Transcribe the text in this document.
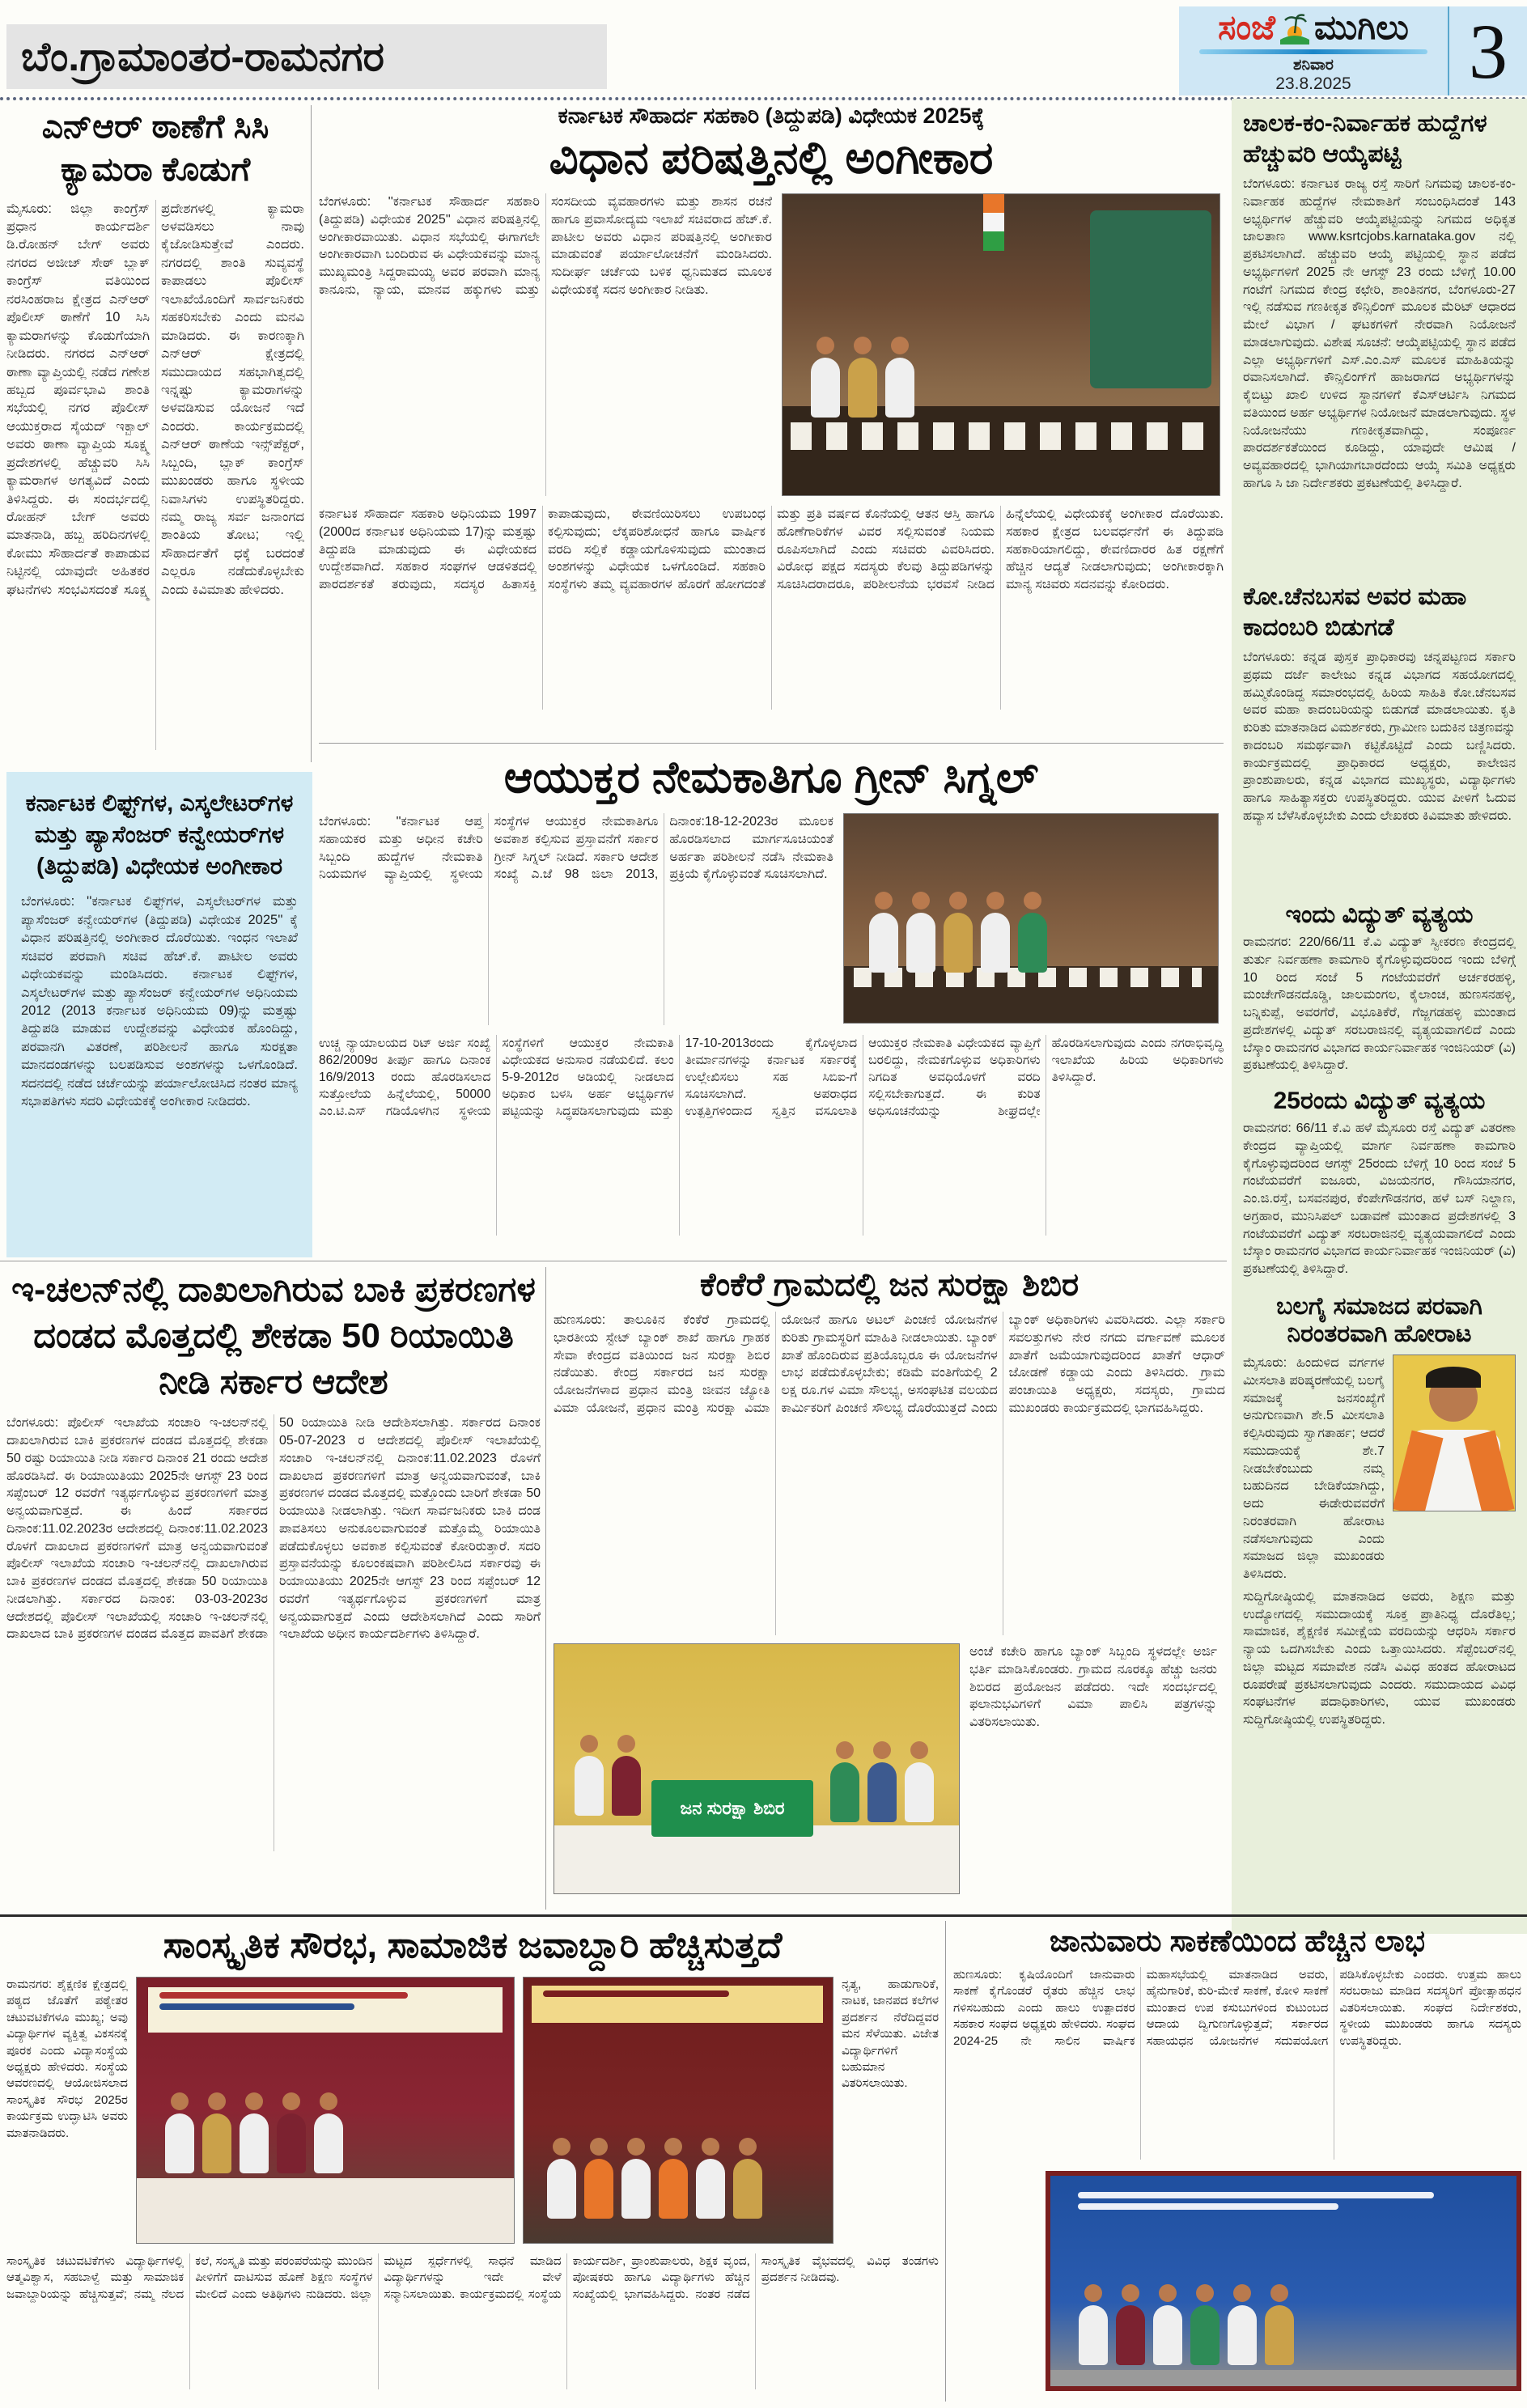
ಬೆಂ.ಗ್ರಾಮಾಂತರ-ರಾಮನಗರ
ಸಂಜೆ ಮುಗಿಲು
ಶನಿವಾರ
23.8.2025 3
ಎನ್ಆರ್ ಠಾಣೆಗೆ ಸಿಸಿ ಕ್ಯಾಮರಾ ಕೊಡುಗೆ
ಮೈಸೂರು: ಜಿಲ್ಲಾ ಕಾಂಗ್ರೆಸ್ ಪ್ರಧಾನ ಕಾರ್ಯದರ್ಶಿ ಡಿ.ರೋಹನ್ ಬೇಗ್ ಅವರು ನಗರದ ಅಜೀಜ್ ಸೇಠ್ ಬ್ಲಾಕ್ ಕಾಂಗ್ರೆಸ್ ವತಿಯಿಂದ ನರಸಿಂಹರಾಜ ಕ್ಷೇತ್ರದ ಎನ್ಆರ್ ಪೊಲೀಸ್ ಠಾಣೆಗೆ 10 ಸಿಸಿ ಕ್ಯಾಮರಾಗಳನ್ನು ಕೊಡುಗೆಯಾಗಿ ನೀಡಿದರು. ನಗರದ ಎನ್ಆರ್ ಠಾಣಾ ವ್ಯಾಪ್ತಿಯಲ್ಲಿ ನಡೆದ ಗಣೇಶ ಹಬ್ಬದ ಪೂರ್ವಭಾವಿ ಶಾಂತಿ ಸಭೆಯಲ್ಲಿ ನಗರ ಪೊಲೀಸ್ ಆಯುಕ್ತರಾದ ಸೈಯದ್ ಇಕ್ಬಾಲ್ ಅವರು ಠಾಣಾ ವ್ಯಾಪ್ತಿಯ ಸೂಕ್ಷ್ಮ ಪ್ರದೇಶಗಳಲ್ಲಿ ಹೆಚ್ಚುವರಿ ಸಿಸಿ ಕ್ಯಾಮರಾಗಳ ಅಗತ್ಯವಿದೆ ಎಂದು ತಿಳಿಸಿದ್ದರು. ಈ ಸಂದರ್ಭದಲ್ಲಿ ರೋಹನ್ ಬೇಗ್ ಅವರು ಮಾತನಾಡಿ, ಹಬ್ಬ ಹರಿದಿನಗಳಲ್ಲಿ ಕೋಮು ಸೌಹಾರ್ದತೆ ಕಾಪಾಡುವ ನಿಟ್ಟಿನಲ್ಲಿ ಯಾವುದೇ ಅಹಿತಕರ ಘಟನೆಗಳು ಸಂಭವಿಸದಂತೆ ಸೂಕ್ಷ್ಮ ಪ್ರದೇಶಗಳಲ್ಲಿ ಕ್ಯಾಮರಾ ಅಳವಡಿಸಲು ನಾವು ಕೈಜೋಡಿಸುತ್ತೇವೆ ಎಂದರು. ನಗರದಲ್ಲಿ ಶಾಂತಿ ಸುವ್ಯವಸ್ಥೆ ಕಾಪಾಡಲು ಪೊಲೀಸ್ ಇಲಾಖೆಯೊಂದಿಗೆ ಸಾರ್ವಜನಿಕರು ಸಹಕರಿಸಬೇಕು ಎಂದು ಮನವಿ ಮಾಡಿದರು. ಈ ಕಾರಣಕ್ಕಾಗಿ ಎನ್ಆರ್ ಕ್ಷೇತ್ರದಲ್ಲಿ ಸಮುದಾಯದ ಸಹಭಾಗಿತ್ವದಲ್ಲಿ ಇನ್ನಷ್ಟು ಕ್ಯಾಮರಾಗಳನ್ನು ಅಳವಡಿಸುವ ಯೋಜನೆ ಇದೆ ಎಂದರು. ಕಾರ್ಯಕ್ರಮದಲ್ಲಿ ಎನ್ಆರ್ ಠಾಣೆಯ ಇನ್ಸ್‌ಪೆಕ್ಟರ್, ಸಿಬ್ಬಂದಿ, ಬ್ಲಾಕ್ ಕಾಂಗ್ರೆಸ್ ಮುಖಂಡರು ಹಾಗೂ ಸ್ಥಳೀಯ ನಿವಾಸಿಗಳು ಉಪಸ್ಥಿತರಿದ್ದರು. ನಮ್ಮ ರಾಜ್ಯ ಸರ್ವ ಜನಾಂಗದ ಶಾಂತಿಯ ತೋಟ; ಇಲ್ಲಿ ಸೌಹಾರ್ದತೆಗೆ ಧಕ್ಕೆ ಬರದಂತೆ ಎಲ್ಲರೂ ನಡೆದುಕೊಳ್ಳಬೇಕು ಎಂದು ಕಿವಿಮಾತು ಹೇಳಿದರು.
ಕರ್ನಾಟಕ ಸೌಹಾರ್ದ ಸಹಕಾರಿ (ತಿದ್ದುಪಡಿ) ವಿಧೇಯಕ 2025ಕ್ಕೆ
ವಿಧಾನ ಪರಿಷತ್ತಿನಲ್ಲಿ ಅಂಗೀಕಾರ
ಬೆಂಗಳೂರು: ''ಕರ್ನಾಟಕ ಸೌಹಾರ್ದ ಸಹಕಾರಿ (ತಿದ್ದುಪಡಿ) ವಿಧೇಯಕ 2025'' ವಿಧಾನ ಪರಿಷತ್ತಿನಲ್ಲಿ ಅಂಗೀಕಾರವಾಯಿತು. ವಿಧಾನ ಸಭೆಯಲ್ಲಿ ಈಗಾಗಲೇ ಅಂಗೀಕಾರವಾಗಿ ಬಂದಿರುವ ಈ ವಿಧೇಯಕವನ್ನು ಮಾನ್ಯ ಮುಖ್ಯಮಂತ್ರಿ ಸಿದ್ದರಾಮಯ್ಯ ಅವರ ಪರವಾಗಿ ಮಾನ್ಯ ಕಾನೂನು, ನ್ಯಾಯ, ಮಾನವ ಹಕ್ಕುಗಳು ಮತ್ತು ಸಂಸದೀಯ ವ್ಯವಹಾರಗಳು ಮತ್ತು ಶಾಸನ ರಚನೆ ಹಾಗೂ ಪ್ರವಾಸೋದ್ಯಮ ಇಲಾಖೆ ಸಚಿವರಾದ ಹೆಚ್.ಕೆ. ಪಾಟೀಲ ಅವರು ವಿಧಾನ ಪರಿಷತ್ತಿನಲ್ಲಿ ಅಂಗೀಕಾರ ಮಾಡುವಂತೆ ಪರ್ಯಾಲೋಚನೆಗೆ ಮಂಡಿಸಿದರು. ಸುದೀರ್ಘ ಚರ್ಚೆಯ ಬಳಿಕ ಧ್ವನಿಮತದ ಮೂಲಕ ವಿಧೇಯಕಕ್ಕೆ ಸದನ ಅಂಗೀಕಾರ ನೀಡಿತು.
ಕರ್ನಾಟಕ ಸೌಹಾರ್ದ ಸಹಕಾರಿ ಅಧಿನಿಯಮ 1997 (2000ದ ಕರ್ನಾಟಕ ಅಧಿನಿಯಮ 17)ನ್ನು ಮತ್ತಷ್ಟು ತಿದ್ದುಪಡಿ ಮಾಡುವುದು ಈ ವಿಧೇಯಕದ ಉದ್ದೇಶವಾಗಿದೆ. ಸಹಕಾರ ಸಂಘಗಳ ಆಡಳಿತದಲ್ಲಿ ಪಾರದರ್ಶಕತೆ ತರುವುದು, ಸದಸ್ಯರ ಹಿತಾಸಕ್ತಿ ಕಾಪಾಡುವುದು, ಠೇವಣಿಯಿರಿಸಲು ಉಪಬಂಧ ಕಲ್ಪಿಸುವುದು; ಲೆಕ್ಕಪರಿಶೋಧನೆ ಹಾಗೂ ವಾರ್ಷಿಕ ವರದಿ ಸಲ್ಲಿಕೆ ಕಡ್ಡಾಯಗೊಳಿಸುವುದು ಮುಂತಾದ ಅಂಶಗಳನ್ನು ವಿಧೇಯಕ ಒಳಗೊಂಡಿದೆ. ಸಹಕಾರಿ ಸಂಸ್ಥೆಗಳು ತಮ್ಮ ವ್ಯವಹಾರಗಳ ಹೊರಗೆ ಹೋಗದಂತೆ ಮತ್ತು ಪ್ರತಿ ವರ್ಷದ ಕೊನೆಯಲ್ಲಿ ಆತನ ಆಸ್ತಿ ಹಾಗೂ ಹೊಣೆಗಾರಿಕೆಗಳ ವಿವರ ಸಲ್ಲಿಸುವಂತೆ ನಿಯಮ ರೂಪಿಸಲಾಗಿದೆ ಎಂದು ಸಚಿವರು ವಿವರಿಸಿದರು. ವಿರೋಧ ಪಕ್ಷದ ಸದಸ್ಯರು ಕೆಲವು ತಿದ್ದುಪಡಿಗಳನ್ನು ಸೂಚಿಸಿದರಾದರೂ, ಪರಿಶೀಲನೆಯ ಭರವಸೆ ನೀಡಿದ ಹಿನ್ನೆಲೆಯಲ್ಲಿ ವಿಧೇಯಕಕ್ಕೆ ಅಂಗೀಕಾರ ದೊರೆಯಿತು. ಸಹಕಾರ ಕ್ಷೇತ್ರದ ಬಲವರ್ಧನೆಗೆ ಈ ತಿದ್ದುಪಡಿ ಸಹಕಾರಿಯಾಗಲಿದ್ದು, ಠೇವಣಿದಾರರ ಹಿತ ರಕ್ಷಣೆಗೆ ಹೆಚ್ಚಿನ ಆದ್ಯತೆ ನೀಡಲಾಗುವುದು; ಅಂಗೀಕಾರಕ್ಕಾಗಿ ಮಾನ್ಯ ಸಚಿವರು ಸದನವನ್ನು ಕೋರಿದರು.
ಚಾಲಕ-ಕಂ-ನಿರ್ವಾಹಕ ಹುದ್ದೆಗಳ ಹೆಚ್ಚುವರಿ ಆಯ್ಕೆಪಟ್ಟಿ
ಬೆಂಗಳೂರು: ಕರ್ನಾಟಕ ರಾಜ್ಯ ರಸ್ತೆ ಸಾರಿಗೆ ನಿಗಮವು ಚಾಲಕ-ಕಂ-ನಿರ್ವಾಹಕ ಹುದ್ದೆಗಳ ನೇಮಕಾತಿಗೆ ಸಂಬಂಧಿಸಿದಂತೆ 143 ಅಭ್ಯರ್ಥಿಗಳ ಹೆಚ್ಚುವರಿ ಆಯ್ಕೆಪಟ್ಟಿಯನ್ನು ನಿಗಮದ ಅಧಿಕೃತ ಜಾಲತಾಣ www.ksrtcjobs.karnataka.gov ನಲ್ಲಿ ಪ್ರಕಟಿಸಲಾಗಿದೆ. ಹೆಚ್ಚುವರಿ ಆಯ್ಕೆ ಪಟ್ಟಿಯಲ್ಲಿ ಸ್ಥಾನ ಪಡೆದ ಅಭ್ಯರ್ಥಿಗಳಿಗೆ 2025 ನೇ ಆಗಸ್ಟ್ 23 ರಂದು ಬೆಳಿಗ್ಗೆ 10.00 ಗಂಟೆಗೆ ನಿಗಮದ ಕೇಂದ್ರ ಕಛೇರಿ, ಶಾಂತಿನಗರ, ಬೆಂಗಳೂರು-27 ಇಲ್ಲಿ ನಡೆಸುವ ಗಣಕೀಕೃತ ಕೌನ್ಸಿಲಿಂಗ್ ಮೂಲಕ ಮೆರಿಟ್ ಆಧಾರದ ಮೇಲೆ ವಿಭಾಗ / ಘಟಕಗಳಿಗೆ ನೇರವಾಗಿ ನಿಯೋಜನೆ ಮಾಡಲಾಗುವುದು. ವಿಶೇಷ ಸೂಚನೆ: ಆಯ್ಕೆಪಟ್ಟಿಯಲ್ಲಿ ಸ್ಥಾನ ಪಡೆದ ಎಲ್ಲಾ ಅಭ್ಯರ್ಥಿಗಳಿಗೆ ಎಸ್.ಎಂ.ಎಸ್ ಮೂಲಕ ಮಾಹಿತಿಯನ್ನು ರವಾನಿಸಲಾಗಿದೆ. ಕೌನ್ಸಿಲಿಂಗ್‌ಗೆ ಹಾಜರಾಗದ ಅಭ್ಯರ್ಥಿಗಳನ್ನು ಕೈಬಿಟ್ಟು ಖಾಲಿ ಉಳಿದ ಸ್ಥಾನಗಳಿಗೆ ಕೆಎಸ್ಆರ್ಟಿಸಿ ನಿಗಮದ ವತಿಯಿಂದ ಅರ್ಹ ಅಭ್ಯರ್ಥಿಗಳ ನಿಯೋಜನೆ ಮಾಡಲಾಗುವುದು. ಸ್ಥಳ ನಿಯೋಜನೆಯು ಗಣಕೀಕೃತವಾಗಿದ್ದು, ಸಂಪೂರ್ಣ ಪಾರದರ್ಶಕತೆಯಿಂದ ಕೂಡಿದ್ದು, ಯಾವುದೇ ಆಮಿಷ / ಅವ್ಯವಹಾರದಲ್ಲಿ ಭಾಗಿಯಾಗಬಾರದೆಂದು ಆಯ್ಕೆ ಸಮಿತಿ ಅಧ್ಯಕ್ಷರು ಹಾಗೂ ಸಿ ಜಾ ನಿರ್ದೇಶಕರು ಪ್ರಕಟಣೆಯಲ್ಲಿ ತಿಳಿಸಿದ್ದಾರೆ.
ಕೋ.ಚೆನಬಸವ ಅವರ ಮಹಾ ಕಾದಂಬರಿ ಬಿಡುಗಡೆ
ಬೆಂಗಳೂರು: ಕನ್ನಡ ಪುಸ್ತಕ ಪ್ರಾಧಿಕಾರವು ಚನ್ನಪಟ್ಟಣದ ಸರ್ಕಾರಿ ಪ್ರಥಮ ದರ್ಜೆ ಕಾಲೇಜು ಕನ್ನಡ ವಿಭಾಗದ ಸಹಯೋಗದಲ್ಲಿ ಹಮ್ಮಿಕೊಂಡಿದ್ದ ಸಮಾರಂಭದಲ್ಲಿ ಹಿರಿಯ ಸಾಹಿತಿ ಕೋ.ಚೆನಬಸವ ಅವರ ಮಹಾ ಕಾದಂಬರಿಯನ್ನು ಬಿಡುಗಡೆ ಮಾಡಲಾಯಿತು. ಕೃತಿ ಕುರಿತು ಮಾತನಾಡಿದ ವಿಮರ್ಶಕರು, ಗ್ರಾಮೀಣ ಬದುಕಿನ ಚಿತ್ರಣವನ್ನು ಕಾದಂಬರಿ ಸಮರ್ಥವಾಗಿ ಕಟ್ಟಿಕೊಟ್ಟಿದೆ ಎಂದು ಬಣ್ಣಿಸಿದರು. ಕಾರ್ಯಕ್ರಮದಲ್ಲಿ ಪ್ರಾಧಿಕಾರದ ಅಧ್ಯಕ್ಷರು, ಕಾಲೇಜಿನ ಪ್ರಾಂಶುಪಾಲರು, ಕನ್ನಡ ವಿಭಾಗದ ಮುಖ್ಯಸ್ಥರು, ವಿದ್ಯಾರ್ಥಿಗಳು ಹಾಗೂ ಸಾಹಿತ್ಯಾಸಕ್ತರು ಉಪಸ್ಥಿತರಿದ್ದರು. ಯುವ ಪೀಳಿಗೆ ಓದುವ ಹವ್ಯಾಸ ಬೆಳೆಸಿಕೊಳ್ಳಬೇಕು ಎಂದು ಲೇಖಕರು ಕಿವಿಮಾತು ಹೇಳಿದರು.
ಇಂದು ವಿದ್ಯುತ್ ವ್ಯತ್ಯಯ
ರಾಮನಗರ: 220/66/11 ಕೆ.ವಿ ವಿದ್ಯುತ್ ಸ್ವೀಕರಣ ಕೇಂದ್ರದಲ್ಲಿ ತುರ್ತು ನಿರ್ವಹಣಾ ಕಾಮಗಾರಿ ಕೈಗೊಳ್ಳುವುದರಿಂದ ಇಂದು ಬೆಳಿಗ್ಗೆ 10 ರಿಂದ ಸಂಜೆ 5 ಗಂಟೆಯವರೆಗೆ ಅರ್ಚಕರಹಳ್ಳಿ, ಮಂಚೇಗೌಡನದೊಡ್ಡಿ, ಜಾಲಮಂಗಲ, ಕೈಲಾಂಚ, ಹುಣಸನಹಳ್ಳಿ, ಬನ್ನಿಕುಪ್ಪೆ, ಅವರಗೆರೆ, ವಿಭೂತಿಕೆರೆ, ಗೆಜ್ಜಗಡಹಳ್ಳಿ ಮುಂತಾದ ಪ್ರದೇಶಗಳಲ್ಲಿ ವಿದ್ಯುತ್ ಸರಬರಾಜಿನಲ್ಲಿ ವ್ಯತ್ಯಯವಾಗಲಿದೆ ಎಂದು ಬೆಸ್ಕಾಂ ರಾಮನಗರ ವಿಭಾಗದ ಕಾರ್ಯನಿರ್ವಾಹಕ ಇಂಜಿನಿಯರ್ (ವಿ) ಪ್ರಕಟಣೆಯಲ್ಲಿ ತಿಳಿಸಿದ್ದಾರೆ.
25ರಂದು ವಿದ್ಯುತ್ ವ್ಯತ್ಯಯ
ರಾಮನಗರ: 66/11 ಕೆ.ವಿ ಹಳೆ ಮೈಸೂರು ರಸ್ತೆ ವಿದ್ಯುತ್ ವಿತರಣಾ ಕೇಂದ್ರದ ವ್ಯಾಪ್ತಿಯಲ್ಲಿ ಮಾರ್ಗ ನಿರ್ವಹಣಾ ಕಾಮಗಾರಿ ಕೈಗೊಳ್ಳುವುದರಿಂದ ಆಗಸ್ಟ್ 25ರಂದು ಬೆಳಿಗ್ಗೆ 10 ರಿಂದ ಸಂಜೆ 5 ಗಂಟೆಯವರೆಗೆ ಐಜೂರು, ವಿಜಯನಗರ, ಗೌಸಿಯಾನಗರ, ಎಂ.ಜಿ.ರಸ್ತೆ, ಬಸವನಪುರ, ಕೆಂಪೇಗೌಡನಗರ, ಹಳೆ ಬಸ್ ನಿಲ್ದಾಣ, ಅಗ್ರಹಾರ, ಮುನಿಸಿಪಲ್ ಬಡಾವಣೆ ಮುಂತಾದ ಪ್ರದೇಶಗಳಲ್ಲಿ 3 ಗಂಟೆಯವರೆಗೆ ವಿದ್ಯುತ್ ಸರಬರಾಜಿನಲ್ಲಿ ವ್ಯತ್ಯಯವಾಗಲಿದೆ ಎಂದು ಬೆಸ್ಕಾಂ ರಾಮನಗರ ವಿಭಾಗದ ಕಾರ್ಯನಿರ್ವಾಹಕ ಇಂಜಿನಿಯರ್ (ವಿ) ಪ್ರಕಟಣೆಯಲ್ಲಿ ತಿಳಿಸಿದ್ದಾರೆ.
ಬಲಗೈ ಸಮಾಜದ ಪರವಾಗಿ ನಿರಂತರವಾಗಿ ಹೋರಾಟ
ಮೈಸೂರು: ಹಿಂದುಳಿದ ವರ್ಗಗಳ ಮೀಸಲಾತಿ ಪರಿಷ್ಕರಣೆಯಲ್ಲಿ ಬಲಗೈ ಸಮಾಜಕ್ಕೆ ಜನಸಂಖ್ಯೆಗೆ ಅನುಗುಣವಾಗಿ ಶೇ.5 ಮೀಸಲಾತಿ ಕಲ್ಪಿಸಿರುವುದು ಸ್ವಾಗತಾರ್ಹ; ಆದರೆ ಸಮುದಾಯಕ್ಕೆ ಶೇ.7 ನೀಡಬೇಕೆಂಬುದು ನಮ್ಮ ಬಹುದಿನದ ಬೇಡಿಕೆಯಾಗಿದ್ದು, ಅದು ಈಡೇರುವವರೆಗೆ ನಿರಂತರವಾಗಿ ಹೋರಾಟ ನಡೆಸಲಾಗುವುದು ಎಂದು ಸಮಾಜದ ಜಿಲ್ಲಾ ಮುಖಂಡರು ತಿಳಿಸಿದರು.
ಸುದ್ದಿಗೋಷ್ಠಿಯಲ್ಲಿ ಮಾತನಾಡಿದ ಅವರು, ಶಿಕ್ಷಣ ಮತ್ತು ಉದ್ಯೋಗದಲ್ಲಿ ಸಮುದಾಯಕ್ಕೆ ಸೂಕ್ತ ಪ್ರಾತಿನಿಧ್ಯ ದೊರೆತಿಲ್ಲ; ಸಾಮಾಜಿಕ, ಶೈಕ್ಷಣಿಕ ಸಮೀಕ್ಷೆಯ ವರದಿಯನ್ನು ಆಧರಿಸಿ ಸರ್ಕಾರ ನ್ಯಾಯ ಒದಗಿಸಬೇಕು ಎಂದು ಒತ್ತಾಯಿಸಿದರು. ಸೆಪ್ಟೆಂಬರ್‌ನಲ್ಲಿ ಜಿಲ್ಲಾ ಮಟ್ಟದ ಸಮಾವೇಶ ನಡೆಸಿ ವಿವಿಧ ಹಂತದ ಹೋರಾಟದ ರೂಪರೇಷೆ ಪ್ರಕಟಿಸಲಾಗುವುದು ಎಂದರು. ಸಮುದಾಯದ ವಿವಿಧ ಸಂಘಟನೆಗಳ ಪದಾಧಿಕಾರಿಗಳು, ಯುವ ಮುಖಂಡರು ಸುದ್ದಿಗೋಷ್ಠಿಯಲ್ಲಿ ಉಪಸ್ಥಿತರಿದ್ದರು.
ಕರ್ನಾಟಕ ಲಿಫ್ಟ್‌ಗಳ, ಎಸ್ಕಲೇಟರ್‌ಗಳ ಮತ್ತು ಪ್ಯಾಸೆಂಜರ್ ಕನ್ವೇಯರ್‌ಗಳ (ತಿದ್ದುಪಡಿ) ವಿಧೇಯಕ ಅಂಗೀಕಾರ
ಬೆಂಗಳೂರು: ''ಕರ್ನಾಟಕ ಲಿಫ್ಟ್‌ಗಳ, ಎಸ್ಕಲೇಟರ್‌ಗಳ ಮತ್ತು ಪ್ಯಾಸೆಂಜರ್ ಕನ್ವೇಯರ್‌ಗಳ (ತಿದ್ದುಪಡಿ) ವಿಧೇಯಕ 2025'' ಕ್ಕೆ ವಿಧಾನ ಪರಿಷತ್ತಿನಲ್ಲಿ ಅಂಗೀಕಾರ ದೊರೆಯಿತು. ಇಂಧನ ಇಲಾಖೆ ಸಚಿವರ ಪರವಾಗಿ ಸಚಿವ ಹೆಚ್.ಕೆ. ಪಾಟೀಲ ಅವರು ವಿಧೇಯಕವನ್ನು ಮಂಡಿಸಿದರು. ಕರ್ನಾಟಕ ಲಿಫ್ಟ್‌ಗಳ, ಎಸ್ಕಲೇಟರ್‌ಗಳ ಮತ್ತು ಪ್ಯಾಸೆಂಜರ್ ಕನ್ವೇಯರ್‌ಗಳ ಅಧಿನಿಯಮ 2012 (2013 ಕರ್ನಾಟಕ ಅಧಿನಿಯಮ 09)ನ್ನು ಮತ್ತಷ್ಟು ತಿದ್ದುಪಡಿ ಮಾಡುವ ಉದ್ದೇಶವನ್ನು ವಿಧೇಯಕ ಹೊಂದಿದ್ದು, ಪರವಾನಗಿ ವಿತರಣೆ, ಪರಿಶೀಲನೆ ಹಾಗೂ ಸುರಕ್ಷತಾ ಮಾನದಂಡಗಳನ್ನು ಬಲಪಡಿಸುವ ಅಂಶಗಳನ್ನು ಒಳಗೊಂಡಿದೆ. ಸದನದಲ್ಲಿ ನಡೆದ ಚರ್ಚೆಯನ್ನು ಪರ್ಯಾಲೋಚಿಸಿದ ನಂತರ ಮಾನ್ಯ ಸಭಾಪತಿಗಳು ಸದರಿ ವಿಧೇಯಕಕ್ಕೆ ಅಂಗೀಕಾರ ನೀಡಿದರು.
ಆಯುಕ್ತರ ನೇಮಕಾತಿಗೂ ಗ್ರೀನ್ ಸಿಗ್ನಲ್
ಬೆಂಗಳೂರು: ''ಕರ್ನಾಟಕ ಆಪ್ತ ಸಹಾಯಕರ ಮತ್ತು ಅಧೀನ ಕಚೇರಿ ಸಿಬ್ಬಂದಿ ಹುದ್ದೆಗಳ ನೇಮಕಾತಿ ನಿಯಮಗಳ ವ್ಯಾಪ್ತಿಯಲ್ಲಿ ಸ್ಥಳೀಯ ಸಂಸ್ಥೆಗಳ ಆಯುಕ್ತರ ನೇಮಕಾತಿಗೂ ಅವಕಾಶ ಕಲ್ಪಿಸುವ ಪ್ರಸ್ತಾವನೆಗೆ ಸರ್ಕಾರ ಗ್ರೀನ್ ಸಿಗ್ನಲ್ ನೀಡಿದೆ. ಸರ್ಕಾರಿ ಆದೇಶ ಸಂಖ್ಯೆ ಎ.ಜೆ 98 ಜಿಲಾ 2013, ದಿನಾಂಕ:18-12-2023ರ ಮೂಲಕ ಹೊರಡಿಸಲಾದ ಮಾರ್ಗಸೂಚಿಯಂತೆ ಅರ್ಹತಾ ಪರಿಶೀಲನೆ ನಡೆಸಿ ನೇಮಕಾತಿ ಪ್ರಕ್ರಿಯೆ ಕೈಗೊಳ್ಳುವಂತೆ ಸೂಚಿಸಲಾಗಿದೆ.
ಉಚ್ಚ ನ್ಯಾಯಾಲಯದ ರಿಟ್ ಅರ್ಜಿ ಸಂಖ್ಯೆ 862/2009ರ ತೀರ್ಪು ಹಾಗೂ ದಿನಾಂಕ 16/9/2013 ರಂದು ಹೊರಡಿಸಲಾದ ಸುತ್ತೋಲೆಯ ಹಿನ್ನೆಲೆಯಲ್ಲಿ, 50000 ಎಂ.ಟಿ.ಎಸ್ ಗಡಿಯೊಳಗಿನ ಸ್ಥಳೀಯ ಸಂಸ್ಥೆಗಳಿಗೆ ಆಯುಕ್ತರ ನೇಮಕಾತಿ ವಿಧೇಯಕದ ಅನುಸಾರ ನಡೆಯಲಿದೆ. ಕಲಂ 5-9-2012ರ ಅಡಿಯಲ್ಲಿ ನೀಡಲಾದ ಅಧಿಕಾರ ಬಳಸಿ ಅರ್ಹ ಅಭ್ಯರ್ಥಿಗಳ ಪಟ್ಟಿಯನ್ನು ಸಿದ್ಧಪಡಿಸಲಾಗುವುದು ಮತ್ತು 17-10-2013ರಂದು ಕೈಗೊಳ್ಳಲಾದ ತೀರ್ಮಾನಗಳನ್ನು ಕರ್ನಾಟಕ ಸರ್ಕಾರಕ್ಕೆ ಉಲ್ಲೇಖಿಸಲು ಸಹ ಸಿಬಿಐ-ಗೆ ಸೂಚಿಸಲಾಗಿದೆ. ಅಪರಾಧದ ಉತ್ಪತ್ತಿಗಳಿಂದಾದ ಸ್ವತ್ತಿನ ವಸೂಲಾತಿ ಆಯುಕ್ತರ ನೇಮಕಾತಿ ವಿಧೇಯಕದ ವ್ಯಾಪ್ತಿಗೆ ಬರಲಿದ್ದು, ನೇಮಕಗೊಳ್ಳುವ ಅಧಿಕಾರಿಗಳು ನಿಗದಿತ ಅವಧಿಯೊಳಗೆ ವರದಿ ಸಲ್ಲಿಸಬೇಕಾಗುತ್ತದೆ. ಈ ಕುರಿತ ಅಧಿಸೂಚನೆಯನ್ನು ಶೀಘ್ರದಲ್ಲೇ ಹೊರಡಿಸಲಾಗುವುದು ಎಂದು ನಗರಾಭಿವೃದ್ಧಿ ಇಲಾಖೆಯ ಹಿರಿಯ ಅಧಿಕಾರಿಗಳು ತಿಳಿಸಿದ್ದಾರೆ.
ಇ-ಚಲನ್‌ನಲ್ಲಿ ದಾಖಲಾಗಿರುವ ಬಾಕಿ ಪ್ರಕರಣಗಳ ದಂಡದ ಮೊತ್ತದಲ್ಲಿ ಶೇಕಡಾ 50 ರಿಯಾಯಿತಿ ನೀಡಿ ಸರ್ಕಾರ ಆದೇಶ
ಬೆಂಗಳೂರು: ಪೊಲೀಸ್ ಇಲಾಖೆಯ ಸಂಚಾರಿ ಇ-ಚಲನ್‌ನಲ್ಲಿ ದಾಖಲಾಗಿರುವ ಬಾಕಿ ಪ್ರಕರಣಗಳ ದಂಡದ ಮೊತ್ತದಲ್ಲಿ ಶೇಕಡಾ 50 ರಷ್ಟು ರಿಯಾಯಿತಿ ನೀಡಿ ಸರ್ಕಾರ ದಿನಾಂಕ 21 ರಂದು ಆದೇಶ ಹೊರಡಿಸಿದೆ. ಈ ರಿಯಾಯಿತಿಯು 2025ನೇ ಆಗಸ್ಟ್ 23 ರಿಂದ ಸಪ್ಟೆಂಬರ್ 12 ರವರೆಗೆ ಇತ್ಯರ್ಥಗೊಳ್ಳುವ ಪ್ರಕರಣಗಳಿಗೆ ಮಾತ್ರ ಅನ್ವಯವಾಗುತ್ತದೆ. ಈ ಹಿಂದೆ ಸರ್ಕಾರದ ದಿನಾಂಕ:11.02.2023ರ ಆದೇಶದಲ್ಲಿ ದಿನಾಂಕ:11.02.2023 ರೊಳಗೆ ದಾಖಲಾದ ಪ್ರಕರಣಗಳಿಗೆ ಮಾತ್ರ ಅನ್ವಯವಾಗುವಂತೆ ಪೊಲೀಸ್ ಇಲಾಖೆಯ ಸಂಚಾರಿ ಇ-ಚಲನ್‌ನಲ್ಲಿ ದಾಖಲಾಗಿರುವ ಬಾಕಿ ಪ್ರಕರಣಗಳ ದಂಡದ ಮೊತ್ತದಲ್ಲಿ ಶೇಕಡಾ 50 ರಿಯಾಯಿತಿ ನೀಡಲಾಗಿತ್ತು. ಸರ್ಕಾರದ ದಿನಾಂಕ: 03-03-2023ರ ಆದೇಶದಲ್ಲಿ ಪೊಲೀಸ್ ಇಲಾಖೆಯಲ್ಲಿ ಸಂಚಾರಿ ಇ-ಚಲನ್‌ನಲ್ಲಿ ದಾಖಲಾದ ಬಾಕಿ ಪ್ರಕರಣಗಳ ದಂಡದ ಮೊತ್ತದ ಪಾವತಿಗೆ ಶೇಕಡಾ 50 ರಿಯಾಯಿತಿ ನೀಡಿ ಆದೇಶಿಸಲಾಗಿತ್ತು. ಸರ್ಕಾರದ ದಿನಾಂಕ 05-07-2023 ರ ಆದೇಶದಲ್ಲಿ ಪೊಲೀಸ್ ಇಲಾಖೆಯಲ್ಲಿ ಸಂಚಾರಿ ಇ-ಚಲನ್‌ನಲ್ಲಿ ದಿನಾಂಕ:11.02.2023 ರೊಳಗೆ ದಾಖಲಾದ ಪ್ರಕರಣಗಳಿಗೆ ಮಾತ್ರ ಅನ್ವಯವಾಗುವಂತೆ, ಬಾಕಿ ಪ್ರಕರಣಗಳ ದಂಡದ ಮೊತ್ತದಲ್ಲಿ ಮತ್ತೊಂದು ಬಾರಿಗೆ ಶೇಕಡಾ 50 ರಿಯಾಯಿತಿ ನೀಡಲಾಗಿತ್ತು. ಇದೀಗ ಸಾರ್ವಜನಿಕರು ಬಾಕಿ ದಂಡ ಪಾವತಿಸಲು ಅನುಕೂಲವಾಗುವಂತೆ ಮತ್ತೊಮ್ಮೆ ರಿಯಾಯಿತಿ ಪಡೆದುಕೊಳ್ಳಲು ಅವಕಾಶ ಕಲ್ಪಿಸುವಂತೆ ಕೋರಿರುತ್ತಾರೆ. ಸದರಿ ಪ್ರಸ್ತಾವನೆಯನ್ನು ಕೂಲಂಕಷವಾಗಿ ಪರಿಶೀಲಿಸಿದ ಸರ್ಕಾರವು ಈ ರಿಯಾಯಿತಿಯು 2025ನೇ ಆಗಸ್ಟ್ 23 ರಿಂದ ಸಪ್ಟೆಂಬರ್ 12 ರವರೆಗೆ ಇತ್ಯರ್ಥಗೊಳ್ಳುವ ಪ್ರಕರಣಗಳಿಗೆ ಮಾತ್ರ ಅನ್ವಯವಾಗುತ್ತದೆ ಎಂದು ಆದೇಶಿಸಲಾಗಿದೆ ಎಂದು ಸಾರಿಗೆ ಇಲಾಖೆಯ ಅಧೀನ ಕಾರ್ಯದರ್ಶಿಗಳು ತಿಳಿಸಿದ್ದಾರೆ.
ಕೆಂಕೆರೆ ಗ್ರಾಮದಲ್ಲಿ ಜನ ಸುರಕ್ಷಾ ಶಿಬಿರ
ಹುಣಸೂರು: ತಾಲೂಕಿನ ಕೆಂಕೆರೆ ಗ್ರಾಮದಲ್ಲಿ ಭಾರತೀಯ ಸ್ಟೇಟ್ ಬ್ಯಾಂಕ್ ಶಾಖೆ ಹಾಗೂ ಗ್ರಾಹಕ ಸೇವಾ ಕೇಂದ್ರದ ವತಿಯಿಂದ ಜನ ಸುರಕ್ಷಾ ಶಿಬಿರ ನಡೆಯಿತು. ಕೇಂದ್ರ ಸರ್ಕಾರದ ಜನ ಸುರಕ್ಷಾ ಯೋಜನೆಗಳಾದ ಪ್ರಧಾನ ಮಂತ್ರಿ ಜೀವನ ಜ್ಯೋತಿ ವಿಮಾ ಯೋಜನೆ, ಪ್ರಧಾನ ಮಂತ್ರಿ ಸುರಕ್ಷಾ ವಿಮಾ ಯೋಜನೆ ಹಾಗೂ ಅಟಲ್ ಪಿಂಚಣಿ ಯೋಜನೆಗಳ ಕುರಿತು ಗ್ರಾಮಸ್ಥರಿಗೆ ಮಾಹಿತಿ ನೀಡಲಾಯಿತು. ಬ್ಯಾಂಕ್ ಖಾತೆ ಹೊಂದಿರುವ ಪ್ರತಿಯೊಬ್ಬರೂ ಈ ಯೋಜನೆಗಳ ಲಾಭ ಪಡೆದುಕೊಳ್ಳಬೇಕು; ಕಡಿಮೆ ವಂತಿಗೆಯಲ್ಲಿ 2 ಲಕ್ಷ ರೂ.ಗಳ ವಿಮಾ ಸೌಲಭ್ಯ, ಅಸಂಘಟಿತ ವಲಯದ ಕಾರ್ಮಿಕರಿಗೆ ಪಿಂಚಣಿ ಸೌಲಭ್ಯ ದೊರೆಯುತ್ತದೆ ಎಂದು ಬ್ಯಾಂಕ್ ಅಧಿಕಾರಿಗಳು ವಿವರಿಸಿದರು. ಎಲ್ಲಾ ಸರ್ಕಾರಿ ಸವಲತ್ತುಗಳು ನೇರ ನಗದು ವರ್ಗಾವಣೆ ಮೂಲಕ ಖಾತೆಗೆ ಜಮೆಯಾಗುವುದರಿಂದ ಖಾತೆಗೆ ಆಧಾರ್ ಜೋಡಣೆ ಕಡ್ಡಾಯ ಎಂದು ತಿಳಿಸಿದರು. ಗ್ರಾಮ ಪಂಚಾಯಿತಿ ಅಧ್ಯಕ್ಷರು, ಸದಸ್ಯರು, ಗ್ರಾಮದ ಮುಖಂಡರು ಕಾರ್ಯಕ್ರಮದಲ್ಲಿ ಭಾಗವಹಿಸಿದ್ದರು.
ಜನ ಸುರಕ್ಷಾ ಶಿಬಿರ
ಅಂಚೆ ಕಚೇರಿ ಹಾಗೂ ಬ್ಯಾಂಕ್ ಸಿಬ್ಬಂದಿ ಸ್ಥಳದಲ್ಲೇ ಅರ್ಜಿ ಭರ್ತಿ ಮಾಡಿಸಿಕೊಂಡರು. ಗ್ರಾಮದ ನೂರಕ್ಕೂ ಹೆಚ್ಚು ಜನರು ಶಿಬಿರದ ಪ್ರಯೋಜನ ಪಡೆದರು. ಇದೇ ಸಂದರ್ಭದಲ್ಲಿ ಫಲಾನುಭವಿಗಳಿಗೆ ವಿಮಾ ಪಾಲಿಸಿ ಪತ್ರಗಳನ್ನು ವಿತರಿಸಲಾಯಿತು.
ಸಾಂಸ್ಕೃತಿಕ ಸೌರಭ, ಸಾಮಾಜಿಕ ಜವಾಬ್ದಾರಿ ಹೆಚ್ಚಿಸುತ್ತದೆ
ರಾಮನಗರ: ಶೈಕ್ಷಣಿಕ ಕ್ಷೇತ್ರದಲ್ಲಿ ಪಠ್ಯದ ಜೊತೆಗೆ ಪಠ್ಯೇತರ ಚಟುವಟಿಕೆಗಳೂ ಮುಖ್ಯ; ಅವು ವಿದ್ಯಾರ್ಥಿಗಳ ವ್ಯಕ್ತಿತ್ವ ವಿಕಸನಕ್ಕೆ ಪೂರಕ ಎಂದು ವಿದ್ಯಾಸಂಸ್ಥೆಯ ಅಧ್ಯಕ್ಷರು ಹೇಳಿದರು. ಸಂಸ್ಥೆಯ ಆವರಣದಲ್ಲಿ ಆಯೋಜಿಸಲಾದ ಸಾಂಸ್ಕೃತಿಕ ಸೌರಭ 2025ರ ಕಾರ್ಯಕ್ರಮ ಉದ್ಘಾಟಿಸಿ ಅವರು ಮಾತನಾಡಿದರು.
ನೃತ್ಯ, ಹಾಡುಗಾರಿಕೆ, ನಾಟಕ, ಜಾನಪದ ಕಲೆಗಳ ಪ್ರದರ್ಶನ ನೆರೆದಿದ್ದವರ ಮನ ಸೆಳೆಯಿತು. ವಿಜೇತ ವಿದ್ಯಾರ್ಥಿಗಳಿಗೆ ಬಹುಮಾನ ವಿತರಿಸಲಾಯಿತು.
ಸಾಂಸ್ಕೃತಿಕ ಚಟುವಟಿಕೆಗಳು ವಿದ್ಯಾರ್ಥಿಗಳಲ್ಲಿ ಆತ್ಮವಿಶ್ವಾಸ, ಸಹಬಾಳ್ವೆ ಮತ್ತು ಸಾಮಾಜಿಕ ಜವಾಬ್ದಾರಿಯನ್ನು ಹೆಚ್ಚಿಸುತ್ತವೆ; ನಮ್ಮ ನೆಲದ ಕಲೆ, ಸಂಸ್ಕೃತಿ ಮತ್ತು ಪರಂಪರೆಯನ್ನು ಮುಂದಿನ ಪೀಳಿಗೆಗೆ ದಾಟಿಸುವ ಹೊಣೆ ಶಿಕ್ಷಣ ಸಂಸ್ಥೆಗಳ ಮೇಲಿದೆ ಎಂದು ಅತಿಥಿಗಳು ನುಡಿದರು. ಜಿಲ್ಲಾ ಮಟ್ಟದ ಸ್ಪರ್ಧೆಗಳಲ್ಲಿ ಸಾಧನೆ ಮಾಡಿದ ವಿದ್ಯಾರ್ಥಿಗಳನ್ನು ಇದೇ ವೇಳೆ ಸನ್ಮಾನಿಸಲಾಯಿತು. ಕಾರ್ಯಕ್ರಮದಲ್ಲಿ ಸಂಸ್ಥೆಯ ಕಾರ್ಯದರ್ಶಿ, ಪ್ರಾಂಶುಪಾಲರು, ಶಿಕ್ಷಕ ವೃಂದ, ಪೋಷಕರು ಹಾಗೂ ವಿದ್ಯಾರ್ಥಿಗಳು ಹೆಚ್ಚಿನ ಸಂಖ್ಯೆಯಲ್ಲಿ ಭಾಗವಹಿಸಿದ್ದರು. ನಂತರ ನಡೆದ ಸಾಂಸ್ಕೃತಿಕ ವೈಭವದಲ್ಲಿ ವಿವಿಧ ತಂಡಗಳು ಪ್ರದರ್ಶನ ನೀಡಿದವು.
ಜಾನುವಾರು ಸಾಕಣೆಯಿಂದ ಹೆಚ್ಚಿನ ಲಾಭ
ಹುಣಸೂರು: ಕೃಷಿಯೊಂದಿಗೆ ಜಾನುವಾರು ಸಾಕಣೆ ಕೈಗೊಂಡರೆ ರೈತರು ಹೆಚ್ಚಿನ ಲಾಭ ಗಳಿಸಬಹುದು ಎಂದು ಹಾಲು ಉತ್ಪಾದಕರ ಸಹಕಾರ ಸಂಘದ ಅಧ್ಯಕ್ಷರು ಹೇಳಿದರು. ಸಂಘದ 2024-25 ನೇ ಸಾಲಿನ ವಾರ್ಷಿಕ ಮಹಾಸಭೆಯಲ್ಲಿ ಮಾತನಾಡಿದ ಅವರು, ಹೈನುಗಾರಿಕೆ, ಕುರಿ-ಮೇಕೆ ಸಾಕಣೆ, ಕೋಳಿ ಸಾಕಣೆ ಮುಂತಾದ ಉಪ ಕಸುಬುಗಳಿಂದ ಕುಟುಂಬದ ಆದಾಯ ದ್ವಿಗುಣಗೊಳ್ಳುತ್ತದೆ; ಸರ್ಕಾರದ ಸಹಾಯಧನ ಯೋಜನೆಗಳ ಸದುಪಯೋಗ ಪಡಿಸಿಕೊಳ್ಳಬೇಕು ಎಂದರು. ಉತ್ತಮ ಹಾಲು ಸರಬರಾಜು ಮಾಡಿದ ಸದಸ್ಯರಿಗೆ ಪ್ರೋತ್ಸಾಹಧನ ವಿತರಿಸಲಾಯಿತು. ಸಂಘದ ನಿರ್ದೇಶಕರು, ಸ್ಥಳೀಯ ಮುಖಂಡರು ಹಾಗೂ ಸದಸ್ಯರು ಉಪಸ್ಥಿತರಿದ್ದರು.
